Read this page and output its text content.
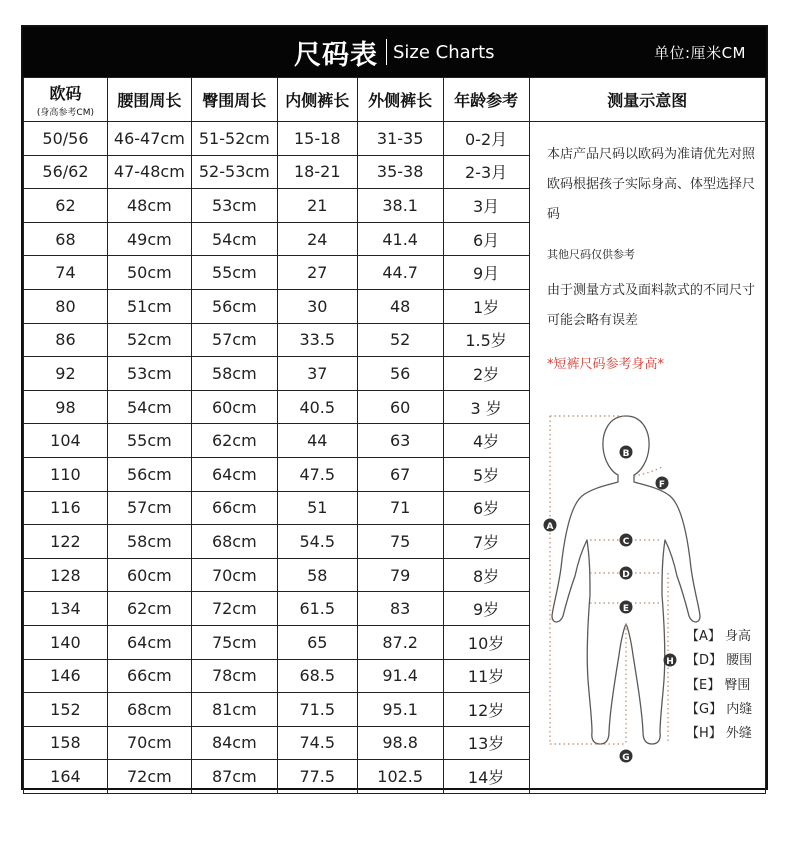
尺码表 Size Charts	单位:厘米CM
欧码
(身高参考CM)	腰围周长	臀围周长	内侧裤长	外侧裤长	年龄参考	测量示意图
50/56	46-47cm	51-52cm	15-18	31-35	0-2月	
56/62	47-48cm	52-53cm	18-21	35-38	2-3月	
62	48cm	53cm	21	38.1	3月	
68	49cm	54cm	24	41.4	6月	
74	50cm	55cm	27	44.7	9月	
80	51cm	56cm	30	48	1岁	
86	52cm	57cm	33.5	52	1.5岁	
92	53cm	58cm	37	56	2岁	
98	54cm	60cm	40.5	60	3 岁	
104	55cm	62cm	44	63	4岁	
110	56cm	64cm	47.5	67	5岁	
116	57cm	66cm	51	71	6岁	
122	58cm	68cm	54.5	75	7岁	
128	60cm	70cm	58	79	8岁	
134	62cm	72cm	61.5	83	9岁	
140	64cm	75cm	65	87.2	10岁	
146	66cm	78cm	68.5	91.4	11岁	
152	68cm	81cm	71.5	95.1	12岁	
158	70cm	84cm	74.5	98.8	13岁	
164	72cm	87cm	77.5	102.5	14岁	
本店产品尺码以欧码为准请优先对照欧码根据孩子实际身高、体型选择尺码
其他尺码仅供参考
由于测量方式及面料款式的不同尺寸可能会略有误差
*短裤尺码参考身高*
A
B
F
C
D
E
H
G
【A】 身高
【D】 腰围
【E】 臀围
【G】 内缝
【H】 外缝
